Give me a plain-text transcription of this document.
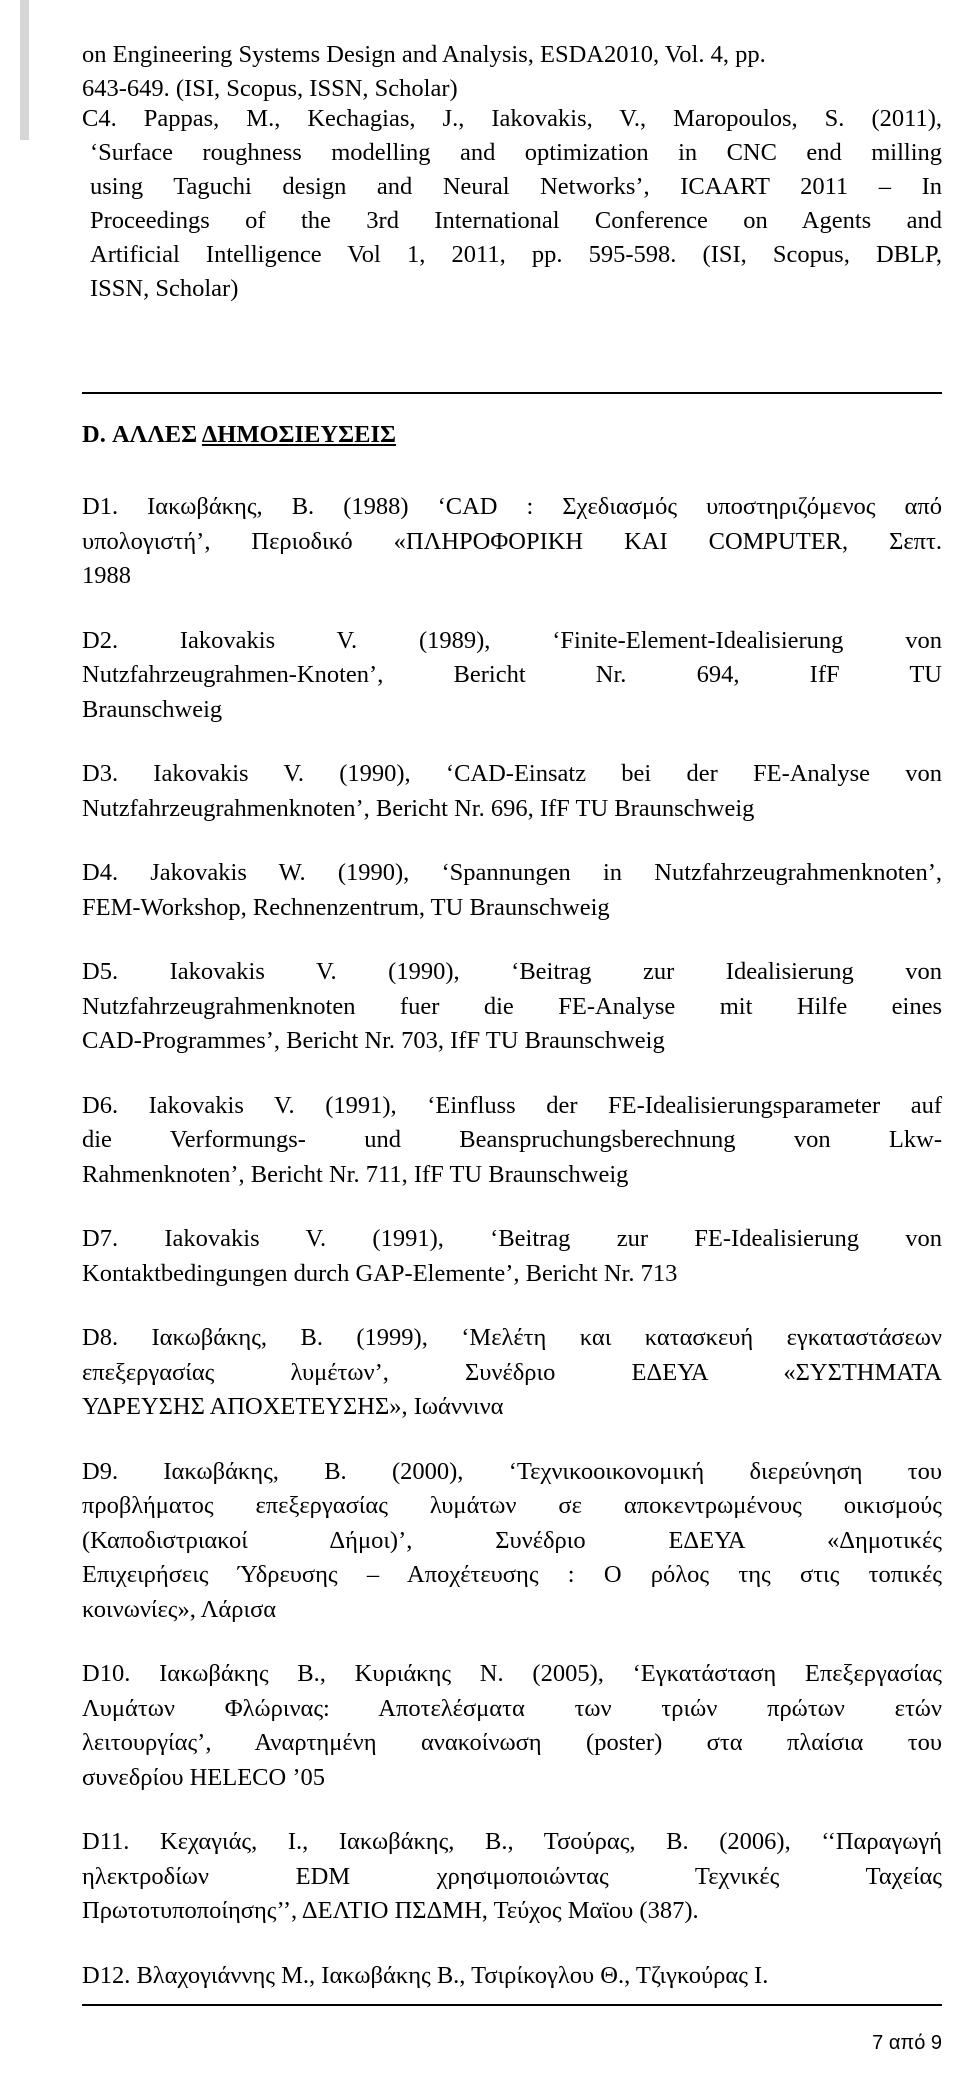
on Engineering Systems Design and Analysis, ESDA2010, Vol. 4, pp.
643-649. (ISI, Scopus, ISSN, Scholar)
C4. Pappas, M., Kechagias, J., Iakovakis, V., Maropoulos, S. (2011),
‘Surface roughness modelling and optimization in CNC end milling
using Taguchi design and Neural Networks’, ICAART 2011 – In
Proceedings of the 3rd International Conference on Agents and
Artificial Intelligence Vol 1, 2011, pp. 595-598. (ISI, Scopus, DBLP,
ISSN, Scholar)
D. ΑΛΛΕΣ ΔΗΜΟΣΙΕΥΣΕΙΣ
D1. Ιακωβάκης, Β. (1988) ‘CAD : Σχεδιασμός υποστηριζόμενος από
υπολογιστή’, Περιοδικό «ΠΛΗΡΟΦΟΡΙΚΗ ΚΑΙ COMPUTER, Σεπτ.
1988
D2. Iakovakis V. (1989), ‘Finite-Element-Idealisierung von
Nutzfahrzeugrahmen-Knoten’, Bericht Nr. 694, IfF TU
Braunschweig
D3. Iakovakis V. (1990), ‘CAD-Einsatz bei der FE-Analyse von
Nutzfahrzeugrahmenknoten’, Bericht Nr. 696, IfF TU Braunschweig
D4. Jakovakis W. (1990), ‘Spannungen in Nutzfahrzeugrahmenknoten’,
FEM-Workshop, Rechnenzentrum, TU Braunschweig
D5. Iakovakis V. (1990), ‘Beitrag zur Idealisierung von
Nutzfahrzeugrahmenknoten fuer die FE-Analyse mit Hilfe eines
CAD-Programmes’, Bericht Nr. 703, IfF TU Braunschweig
D6. Iakovakis V. (1991), ‘Einfluss der FE-Idealisierungsparameter auf
die Verformungs- und Beanspruchungsberechnung von Lkw-
Rahmenknoten’, Bericht Nr. 711, IfF TU Braunschweig
D7. Iakovakis V. (1991), ‘Beitrag zur FE-Idealisierung von
Kontaktbedingungen durch GAP-Elemente’, Bericht Nr. 713
D8. Ιακωβάκης, Β. (1999), ‘Μελέτη και κατασκευή εγκαταστάσεων
επεξεργασίας λυμέτων’, Συνέδριο ΕΔΕΥΑ «ΣΥΣΤΗΜΑΤΑ
ΥΔΡΕΥΣΗΣ ΑΠΟΧΕΤΕΥΣΗΣ», Ιωάννινα
D9. Ιακωβάκης, Β. (2000), ‘Τεχνικοοικονομική διερεύνηση του
προβλήματος επεξεργασίας λυμάτων σε αποκεντρωμένους οικισμούς
(Καποδιστριακοί Δήμοι)’, Συνέδριο ΕΔΕΥΑ «Δημοτικές
Επιχειρήσεις Ύδρευσης – Αποχέτευσης : Ο ρόλος της στις τοπικές
κοινωνίες», Λάρισα
D10. Ιακωβάκης Β., Κυριάκης Ν. (2005), ‘Εγκατάσταση Επεξεργασίας
Λυμάτων Φλώρινας: Αποτελέσματα των τριών πρώτων ετών
λειτουργίας’, Αναρτημένη ανακοίνωση (poster) στα πλαίσια του
συνεδρίου HELECO ’05
D11. Κεχαγιάς, Ι., Ιακωβάκης, Β., Τσούρας, Β. (2006), ‘‘Παραγωγή
ηλεκτροδίων EDM χρησιμοποιώντας Τεχνικές Ταχείας
Πρωτοτυποποίησης’’, ΔΕΛΤΙΟ ΠΣΔΜΗ, Τεύχος Μαϊου (387).
D12. Βλαχογιάννης Μ., Ιακωβάκης Β., Τσιρίκογλου Θ., Τζιγκούρας Ι.
7 από 9
